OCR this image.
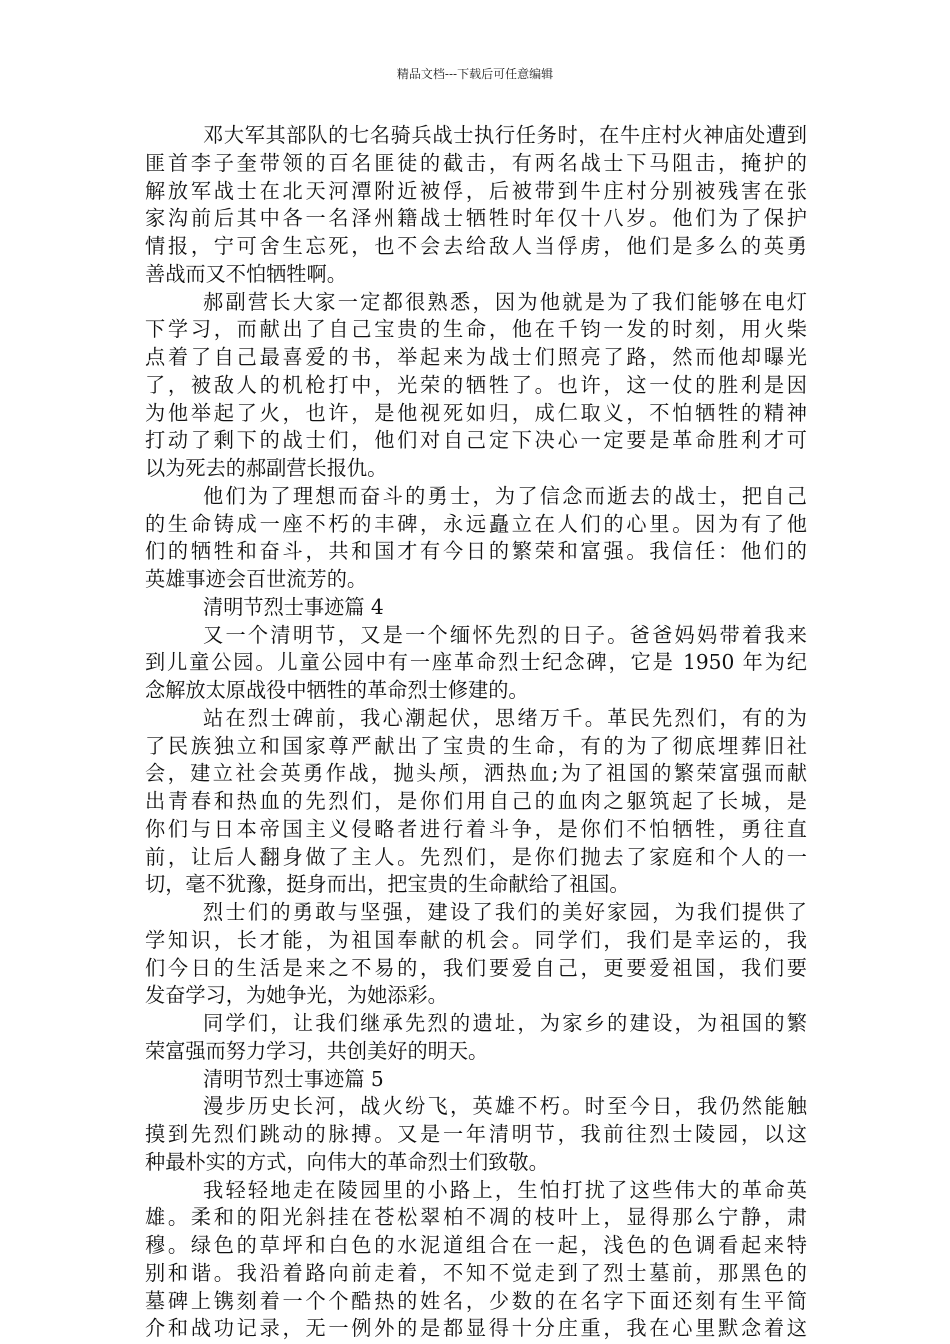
精品文档---下载后可任意编辑
邓大军其部队的七名骑兵战士执行任务时，在牛庄村火神庙处遭到
匪首李子奎带领的百名匪徒的截击，有两名战士下马阻击，掩护的
解放军战士在北天河潭附近被俘，后被带到牛庄村分别被残害在张
家沟前后其中各一名泽州籍战士牺牲时年仅十八岁。他们为了保护
情报，宁可舍生忘死，也不会去给敌人当俘虏，他们是多么的英勇
善战而又不怕牺牲啊。
郝副营长大家一定都很熟悉，因为他就是为了我们能够在电灯
下学习，而献出了自己宝贵的生命，他在千钧一发的时刻，用火柴
点着了自己最喜爱的书，举起来为战士们照亮了路，然而他却曝光
了，被敌人的机枪打中，光荣的牺牲了。也许，这一仗的胜利是因
为他举起了火，也许，是他视死如归，成仁取义，不怕牺牲的精神
打动了剩下的战士们，他们对自己定下决心一定要是革命胜利才可
以为死去的郝副营长报仇。
他们为了理想而奋斗的勇士，为了信念而逝去的战士，把自己
的生命铸成一座不朽的丰碑，永远矗立在人们的心里。因为有了他
们的牺牲和奋斗，共和国才有今日的繁荣和富强。我信任：他们的
英雄事迹会百世流芳的。
清明节烈士事迹篇 4
又一个清明节，又是一个缅怀先烈的日子。爸爸妈妈带着我来
到儿童公园。儿童公园中有一座革命烈士纪念碑，它是 1950 年为纪
念解放太原战役中牺牲的革命烈士修建的。
站在烈士碑前，我心潮起伏，思绪万千。革民先烈们，有的为
了民族独立和国家尊严献出了宝贵的生命，有的为了彻底埋葬旧社
会，建立社会英勇作战，抛头颅，洒热血;为了祖国的繁荣富强而献
出青春和热血的先烈们，是你们用自己的血肉之躯筑起了长城，是
你们与日本帝国主义侵略者进行着斗争，是你们不怕牺牲，勇往直
前，让后人翻身做了主人。先烈们，是你们抛去了家庭和个人的一
切，毫不犹豫，挺身而出，把宝贵的生命献给了祖国。
烈士们的勇敢与坚强，建设了我们的美好家园，为我们提供了
学知识，长才能，为祖国奉献的机会。同学们，我们是幸运的，我
们今日的生活是来之不易的，我们要爱自己，更要爱祖国，我们要
发奋学习，为她争光，为她添彩。
同学们，让我们继承先烈的遗址，为家乡的建设，为祖国的繁
荣富强而努力学习，共创美好的明天。
清明节烈士事迹篇 5
漫步历史长河，战火纷飞，英雄不朽。时至今日，我仍然能触
摸到先烈们跳动的脉搏。又是一年清明节，我前往烈士陵园，以这
种最朴实的方式，向伟大的革命烈士们致敬。
我轻轻地走在陵园里的小路上，生怕打扰了这些伟大的革命英
雄。柔和的阳光斜挂在苍松翠柏不凋的枝叶上，显得那么宁静，肃
穆。绿色的草坪和白色的水泥道组合在一起，浅色的色调看起来特
别和谐。我沿着路向前走着，不知不觉走到了烈士墓前，那黑色的
墓碑上镌刻着一个个酷热的姓名，少数的在名字下面还刻有生平简
介和战功记录，无一例外的是都显得十分庄重，我在心里默念着这
